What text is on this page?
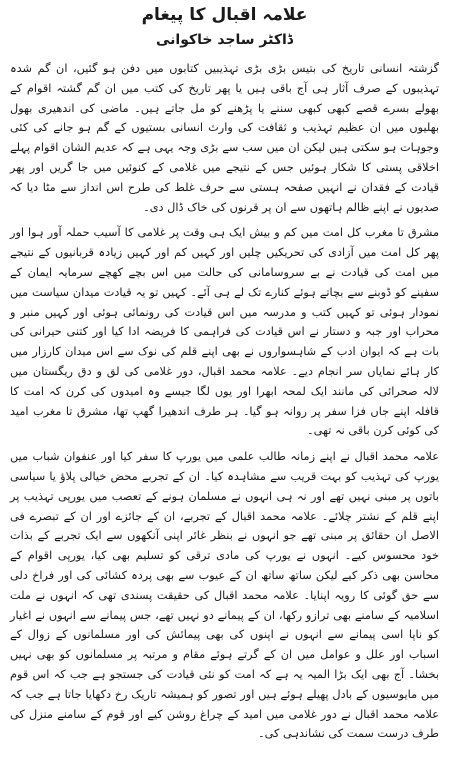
علامہ اقبال کا پیغام
ڈاکٹر ساجد خاکوانی

گزشتہ انسانی تاریخ کی بتیس بڑی بڑی تہذیبیں کتابوں میں دفن ہو گئیں، ان گم شدہ تہذیبوں کے صرف آثار ہی آج باقی ہیں یا پھر تاریخ کی کتب میں ان گم گشتہ اقوام کے بھولے بسرے قصے کبھی کبھی سننے یا پڑھنے کو مل جاتے ہیں۔ ماضی کی اندھیری بھول بھلیوں میں ان عظیم تہذیب و ثقافت کی وارث انسانی بستیوں کے گم ہو جانے کی کئی وجوہات ہو سکتی ہیں لیکن ان میں سب سے بڑی وجہ یہی ہے کہ عدیم الشان اقوام پہلے اخلاقی پستی کا شکار ہوئیں جس کے نتیجے میں غلامی کے کنوئیں میں جا گریں اور پھر قیادت کے فقدان نے انہیں صفحہ ہستی سے حرف غلط کی طرح اس انداز سے مٹا دیا کہ صدیوں نے اپنے ظالم ہاتھوں سے ان پر قرنوں کی خاک ڈال دی۔

مشرق تا مغرب کل امت میں کم و بیش ایک ہی وقت پر غلامی کا آسیب حملہ آور ہوا اور پھر کل امت میں آزادی کی تحریکیں چلیں اور کہیں کم اور کہیں زیادہ قربانیوں کے نتیجے میں امت کی قیادت نے بے سروسامانی کی حالت میں اس بچے کھچے سرمایہ ایمان کے سفینے کو ڈوبنے سے بچاتے ہوئے کنارے تک لے ہی آئے۔ کہیں تو یہ قیادت میدان سیاست میں نمودار ہوئی تو کہیں کتب و مدرسہ میں اس قیادت کی رونمائی ہوئی اور کہیں منبر و محراب اور جبہ و دستار نے اس قیادت کی فراہمی کا فریضہ ادا کیا اور کتنی حیرانی کی بات ہے کہ ایوان ادب کے شاہسواروں نے بھی اپنے قلم کی نوک سے اس میدان کارزار میں کار ہائے نمایاں سر انجام دیے۔ علامہ محمد اقبال، دور غلامی کی لق و دق ریگستان میں لالہ صحرائی کی مانند ایک لمحہ ابھرا اور یوں لگا جیسے وہ امیدوں کی کرن کہ امت کا قافلہ اپنے جاں فزا سفر پر روانہ ہو گیا۔ ہر طرف اندھیرا گھپ تھا، مشرق تا مغرب امید کی کوئی کرن باقی نہ تھی۔

علامہ محمد اقبال نے اپنے زمانہ طالب علمی میں یورپ کا سفر کیا اور عنفوان شباب میں یورپ کی تہذیب کو بہت قریب سے مشاہدہ کیا۔ ان کے تجربے محض خیالی پلاؤ یا سیاسی باتوں پر مبنی نہیں تھے اور نہ ہی انہوں نے مسلمان ہونے کے تعصب میں یورپی تہذیب پر اپنے قلم کے نشتر چلائے۔ علامہ محمد اقبال کے تجربے، ان کے جائزے اور ان کے تبصرے فی الاصل ان حقائق پر مبنی تھے جو انہوں نے بنظر غائر اپنی آنکھوں سے ایک تجربے کے بذات خود محسوس کیے۔ انہوں نے یورپ کی مادی ترقی کو تسلیم بھی کیا، یورپی اقوام کے محاسن بھی ذکر کیے لیکن ساتھ ساتھ ان کے عیوب سے بھی پردہ کشائی کی اور فراخ دلی سے حق گوئی کا رویہ اپنایا۔ علامہ محمد اقبال کی حقیقت پسندی تھی کہ انہوں نے ملت اسلامیہ کے سامنے بھی ترازو رکھا، ان کے پیمانے دو نہیں تھے، جس پیمانے سے انہوں نے اغیار کو ناپا اسی پیمانے سے انہوں نے اپنوں کی بھی پیمائش کی اور مسلمانوں کے زوال کے اسباب اور علل و عوامل میں ان کے گرتے ہوئے مقام و مرتبہ پر مسلمانوں کو بھی نہیں بخشا۔ آج بھی ایک بڑا المیہ یہ ہے کہ امت کو نئی قیادت کی جستجو ہے جب کہ اس قوم میں مایوسیوں کے بادل پھیلے ہوئے ہیں اور تصور کو ہمیشہ تاریک رخ دکھایا جاتا ہے جب کہ علامہ محمد اقبال نے دور غلامی میں امید کے چراغ روشن کیے اور قوم کے سامنے منزل کی طرف درست سمت کی نشاندہی کی۔
